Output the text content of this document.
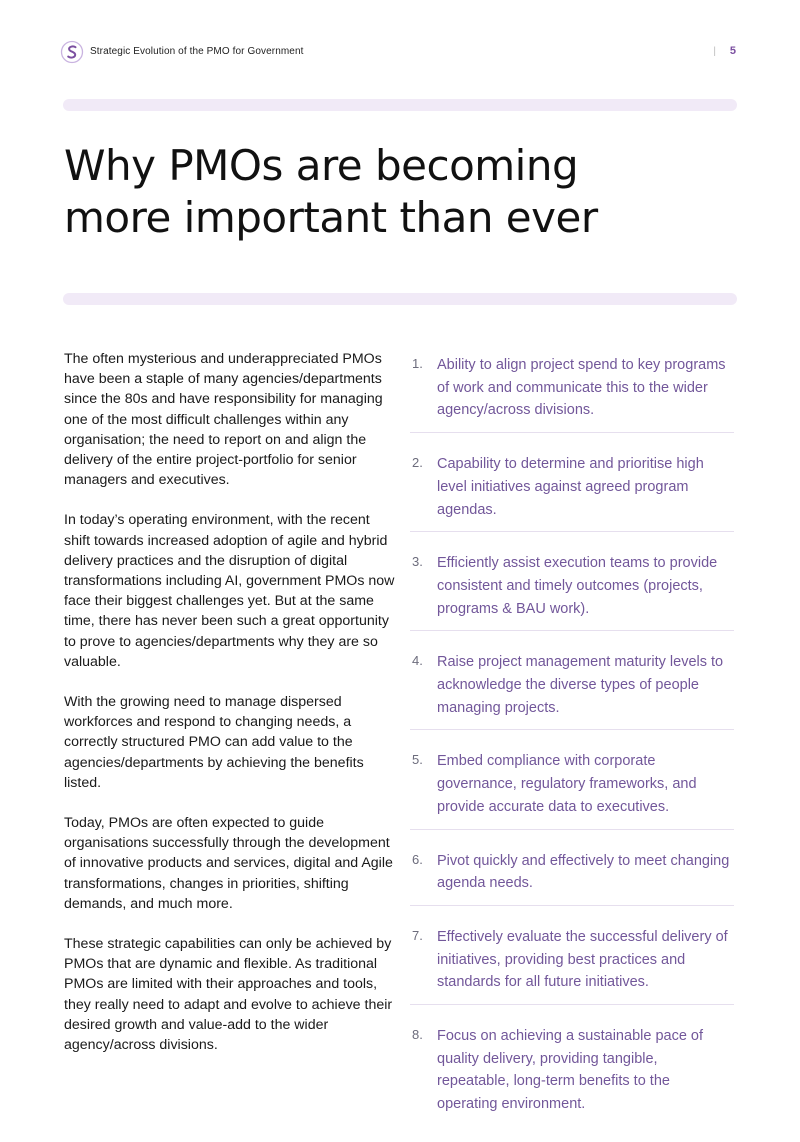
Strategic Evolution of the PMO for Government	| 5
Why PMOs are becoming
more important than ever

The often mysterious and underappreciated PMOs have been a staple of many agencies/departments since the 80s and have responsibility for managing one of the most difficult challenges within any organisation; the need to report on and align the delivery of the entire project-portfolio for senior managers and executives.

In today’s operating environment, with the recent shift towards increased adoption of agile and hybrid delivery practices and the disruption of digital transformations including AI, government PMOs now face their biggest challenges yet. But at the same time, there has never been such a great opportunity to prove to agencies/departments why they are so valuable.

With the growing need to manage dispersed workforces and respond to changing needs, a correctly structured PMO can add value to the agencies/departments by achieving the benefits listed.

Today, PMOs are often expected to guide organisations successfully through the development of innovative products and services, digital and Agile transformations, changes in priorities, shifting demands, and much more.

These strategic capabilities can only be achieved by PMOs that are dynamic and flexible. As traditional PMOs are limited with their approaches and tools, they really need to adapt and evolve to achieve their desired growth and value-add to the wider agency/across divisions.

1. Ability to align project spend to key programs of work and communicate this to the wider agency/across divisions.
2. Capability to determine and prioritise high level initiatives against agreed program agendas.
3. Efficiently assist execution teams to provide consistent and timely outcomes (projects, programs & BAU work).
4. Raise project management maturity levels to acknowledge the diverse types of people managing projects.
5. Embed compliance with corporate governance, regulatory frameworks, and provide accurate data to executives.
6. Pivot quickly and effectively to meet changing agenda needs.
7. Effectively evaluate the successful delivery of initiatives, providing best practices and standards for all future initiatives.
8. Focus on achieving a sustainable pace of quality delivery, providing tangible, repeatable, long-term benefits to the operating environment.
